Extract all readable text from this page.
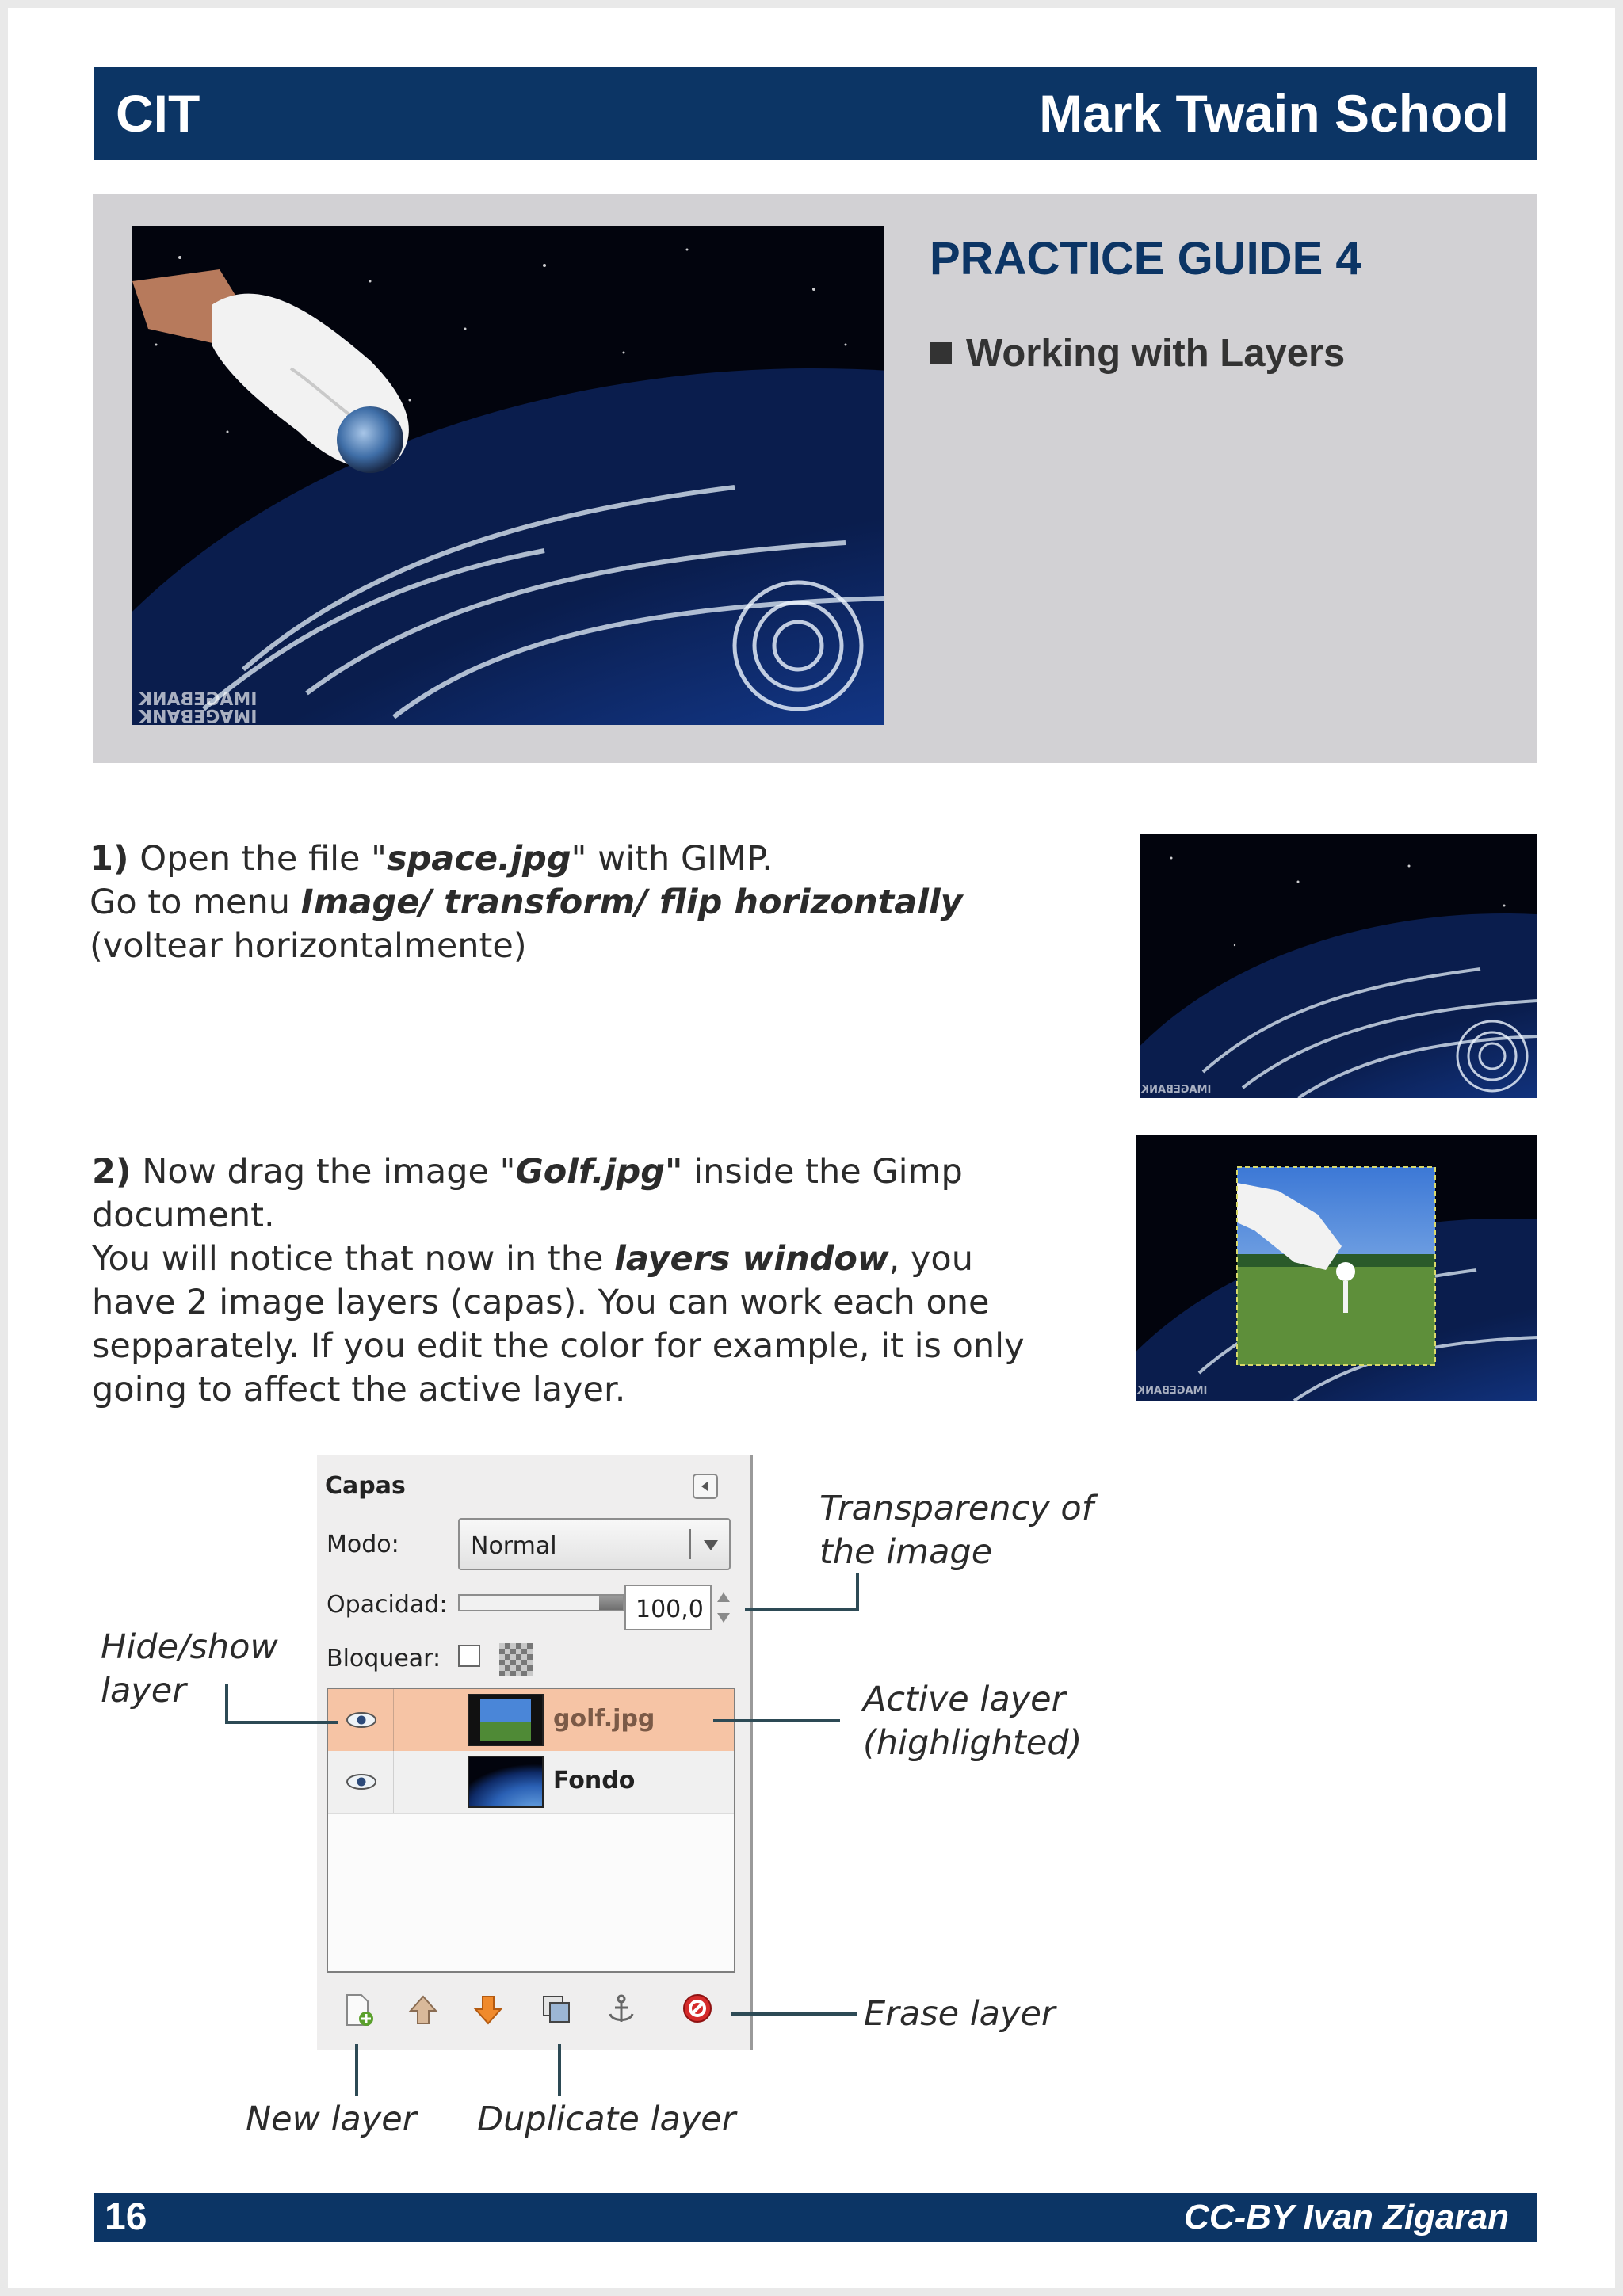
CIT	Mark Twain School
IMAGEBANK
IMAGEBANK
PRACTICE GUIDE 4
Working with Layers
1) Open the file "space.jpg" with GIMP.
Go to menu Image/ transform/ flip horizontally
(voltear horizontalmente)
IMAGEBANK
2) Now drag the image "Golf.jpg" inside the Gimp
document.
You will notice that now in the layers window, you
have 2 image layers (capas). You can work each one
sepparately. If you edit the color for example, it is only
going to affect the active layer.	IMAGEBANK
Capas
Modo:	Normal
Opacidad:	100,0
Bloquear:
golf.jpg
Fondo
Transparency of
the image
Hide/show
layer	Active layer
(highlighted)
Erase layer
New layer Duplicate layer
16	CC-BY Ivan Zigaran
